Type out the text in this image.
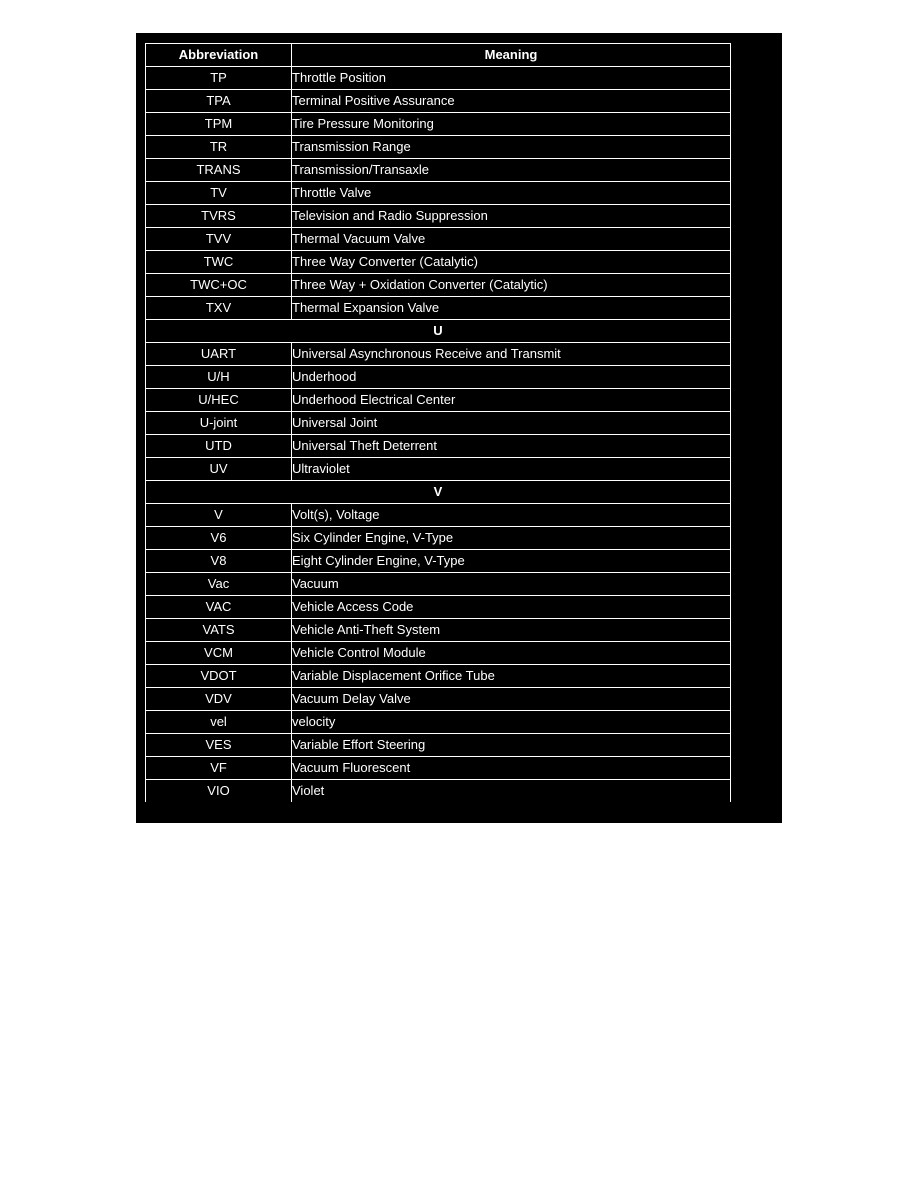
Abbreviation	Meaning
TP	Throttle Position
TPA	Terminal Positive Assurance
TPM	Tire Pressure Monitoring
TR	Transmission Range
TRANS	Transmission/Transaxle
TV	Throttle Valve
TVRS	Television and Radio Suppression
TVV	Thermal Vacuum Valve
TWC	Three Way Converter (Catalytic)
TWC+OC	Three Way + Oxidation Converter (Catalytic)
TXV	Thermal Expansion Valve
U	
UART	Universal Asynchronous Receive and Transmit
U/H	Underhood
U/HEC	Underhood Electrical Center
U-joint	Universal Joint
UTD	Universal Theft Deterrent
UV	Ultraviolet
V	
V	Volt(s), Voltage
V6	Six Cylinder Engine, V-Type
V8	Eight Cylinder Engine, V-Type
Vac	Vacuum
VAC	Vehicle Access Code
VATS	Vehicle Anti-Theft System
VCM	Vehicle Control Module
VDOT	Variable Displacement Orifice Tube
VDV	Vacuum Delay Valve
vel	velocity
VES	Variable Effort Steering
VF	Vacuum Fluorescent
VIO	Violet
